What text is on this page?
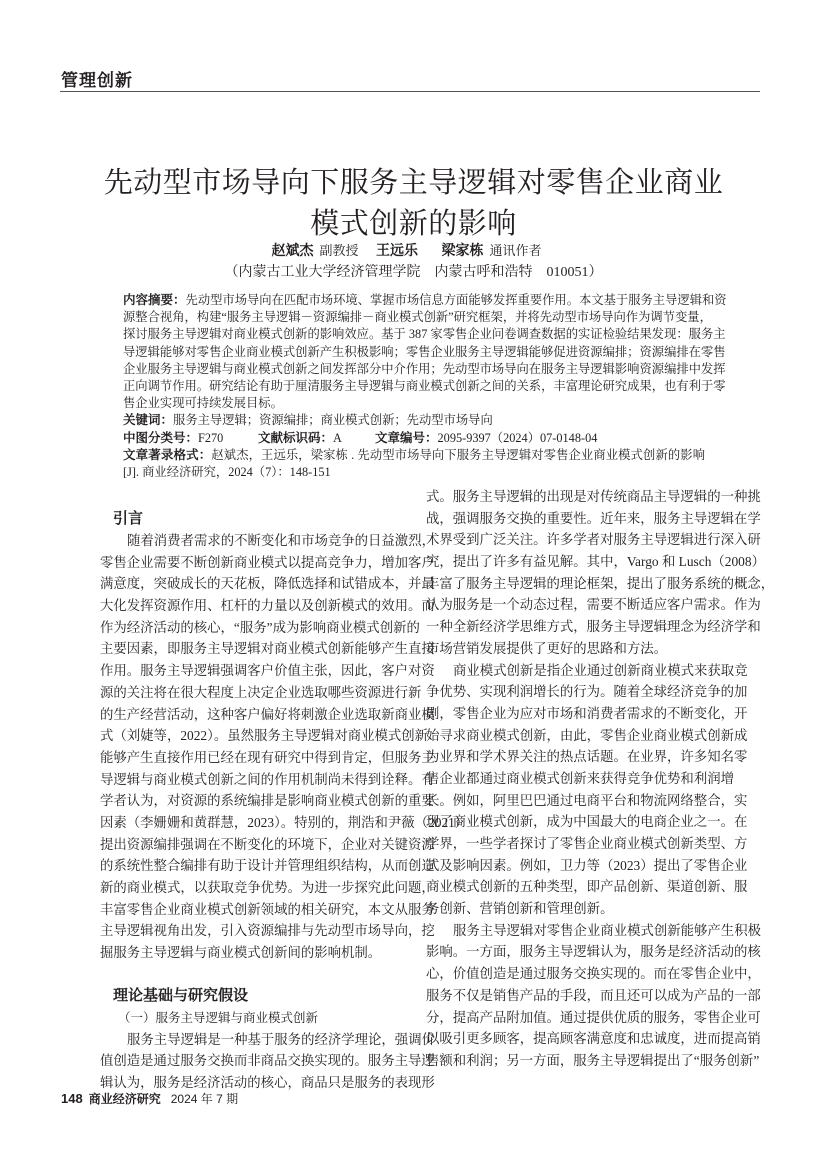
管理创新
先动型市场导向下服务主导逻辑对零售企业商业模式创新的影响
赵斌杰 副教授 王远乐 梁家栋 通讯作者
（内蒙古工业大学经济管理学院　内蒙古呼和浩特　010051）
内容摘要：先动型市场导向在匹配市场环境、掌握市场信息方面能够发挥重要作用。本文基于服务主导逻辑和资
源整合视角，构建“服务主导逻辑－资源编排－商业模式创新”研究框架，并将先动型市场导向作为调节变量，
探讨服务主导逻辑对商业模式创新的影响效应。基于 387 家零售企业问卷调查数据的实证检验结果发现：服务主
导逻辑能够对零售企业商业模式创新产生积极影响；零售企业服务主导逻辑能够促进资源编排；资源编排在零售
企业服务主导逻辑与商业模式创新之间发挥部分中介作用；先动型市场导向在服务主导逻辑影响资源编排中发挥
正向调节作用。研究结论有助于厘清服务主导逻辑与商业模式创新之间的关系，丰富理论研究成果，也有利于零
售企业实现可持续发展目标。
关键词：服务主导逻辑；资源编排；商业模式创新；先动型市场导向
中图分类号：F270	文献标识码：A	文章编号：2095-9397（2024）07-0148-04
文章著录格式：赵斌杰，王远乐，梁家栋 . 先动型市场导向下服务主导逻辑对零售企业商业模式创新的影响
[J]. 商业经济研究，2024（7）：148-151
引言
随着消费者需求的不断变化和市场竞争的日益激烈，
零售企业需要不断创新商业模式以提高竞争力，增加客户
满意度，突破成长的天花板，降低选择和试错成本，并最
大化发挥资源作用、杠杆的力量以及创新模式的效用。而
作为经济活动的核心，“服务”成为影响商业模式创新的
主要因素，即服务主导逻辑对商业模式创新能够产生直接
作用。服务主导逻辑强调客户价值主张，因此，客户对资
源的关注将在很大程度上决定企业选取哪些资源进行新
的生产经营活动，这种客户偏好将刺激企业选取新商业模
式（刘婕等，2022）。虽然服务主导逻辑对商业模式创新
能够产生直接作用已经在现有研究中得到肯定，但服务主
导逻辑与商业模式创新之间的作用机制尚未得到诠释。有
学者认为，对资源的系统编排是影响商业模式创新的重要
因素（李姗姗和黄群慧，2023）。特别的，荆浩和尹薇（2021）
提出资源编排强调在不断变化的环境下，企业对关键资源
的系统性整合编排有助于设计并管理组织结构，从而创造
新的商业模式，以获取竞争优势。为进一步探究此问题，
丰富零售企业商业模式创新领域的相关研究，本文从服务
主导逻辑视角出发，引入资源编排与先动型市场导向，挖
掘服务主导逻辑与商业模式创新间的影响机制。
理论基础与研究假设
（一）服务主导逻辑与商业模式创新
服务主导逻辑是一种基于服务的经济学理论，强调价
值创造是通过服务交换而非商品交换实现的。服务主导逻
辑认为，服务是经济活动的核心，商品只是服务的表现形
式。服务主导逻辑的出现是对传统商品主导逻辑的一种挑
战，强调服务交换的重要性。近年来，服务主导逻辑在学
术界受到广泛关注。许多学者对服务主导逻辑进行深入研
究，提出了许多有益见解。其中，Vargo 和 Lusch（2008）
丰富了服务主导逻辑的理论框架，提出了服务系统的概念，
认为服务是一个动态过程，需要不断适应客户需求。作为
一种全新经济学思维方式，服务主导逻辑理念为经济学和
市场营销发展提供了更好的思路和方法。
商业模式创新是指企业通过创新商业模式来获取竞
争优势、实现利润增长的行为。随着全球经济竞争的加
剧，零售企业为应对市场和消费者需求的不断变化，开
始寻求商业模式创新，由此，零售企业商业模式创新成
为业界和学术界关注的热点话题。在业界，许多知名零
售企业都通过商业模式创新来获得竞争优势和利润增
长。例如，阿里巴巴通过电商平台和物流网络整合，实
现了商业模式创新，成为中国最大的电商企业之一。在
学界，一些学者探讨了零售企业商业模式创新类型、方
式及影响因素。例如，卫力等（2023）提出了零售企业
商业模式创新的五种类型，即产品创新、渠道创新、服
务创新、营销创新和管理创新。
服务主导逻辑对零售企业商业模式创新能够产生积极
影响。一方面，服务主导逻辑认为，服务是经济活动的核
心，价值创造是通过服务交换实现的。而在零售企业中，
服务不仅是销售产品的手段，而且还可以成为产品的一部
分，提高产品附加值。通过提供优质的服务，零售企业可
以吸引更多顾客，提高顾客满意度和忠诚度，进而提高销
售额和利润；另一方面，服务主导逻辑提出了“服务创新”
148 商业经济研究 2024 年 7 期
